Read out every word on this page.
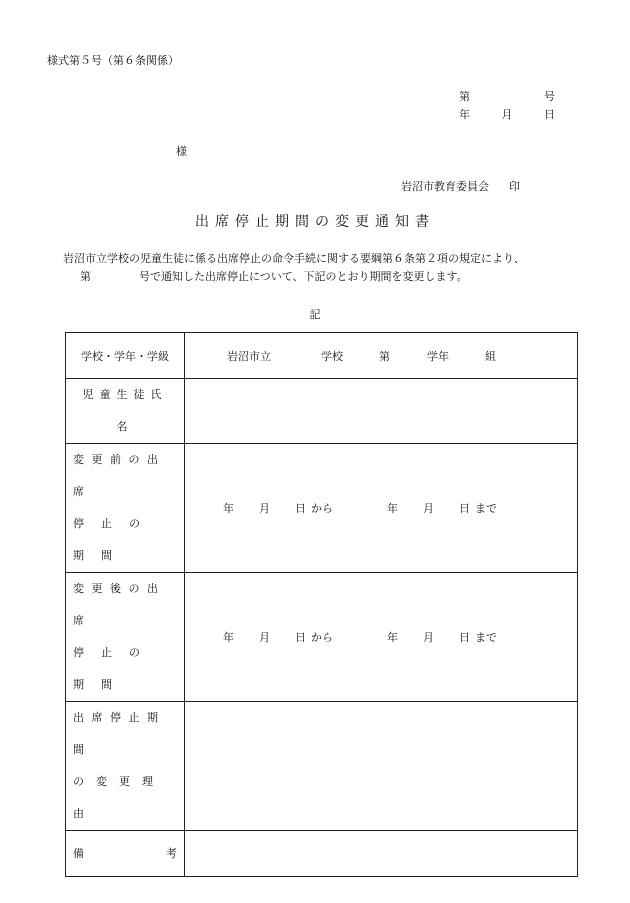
様式第５号（第６条関係）
第	号
年	月	日
様
岩沼市教育委員会 印
出席停止期間の変更通知書
岩沼市立学校の児童生徒に係る出席停止の命令手続に関する要綱第６条第２項の規定により、
第	号で通知した出席停止について、下記のとおり期間を変更します。
記
学校・学年・学級	岩沼市立 学校 第 学年 組

児童生徒氏名	

変更前の出席
停止の期間	年 月 日 から 年 月 日 まで

変更後の出席
停止の期間	年 月 日 から 年 月 日 まで

出席停止期間
の変更理由	

備 考	
